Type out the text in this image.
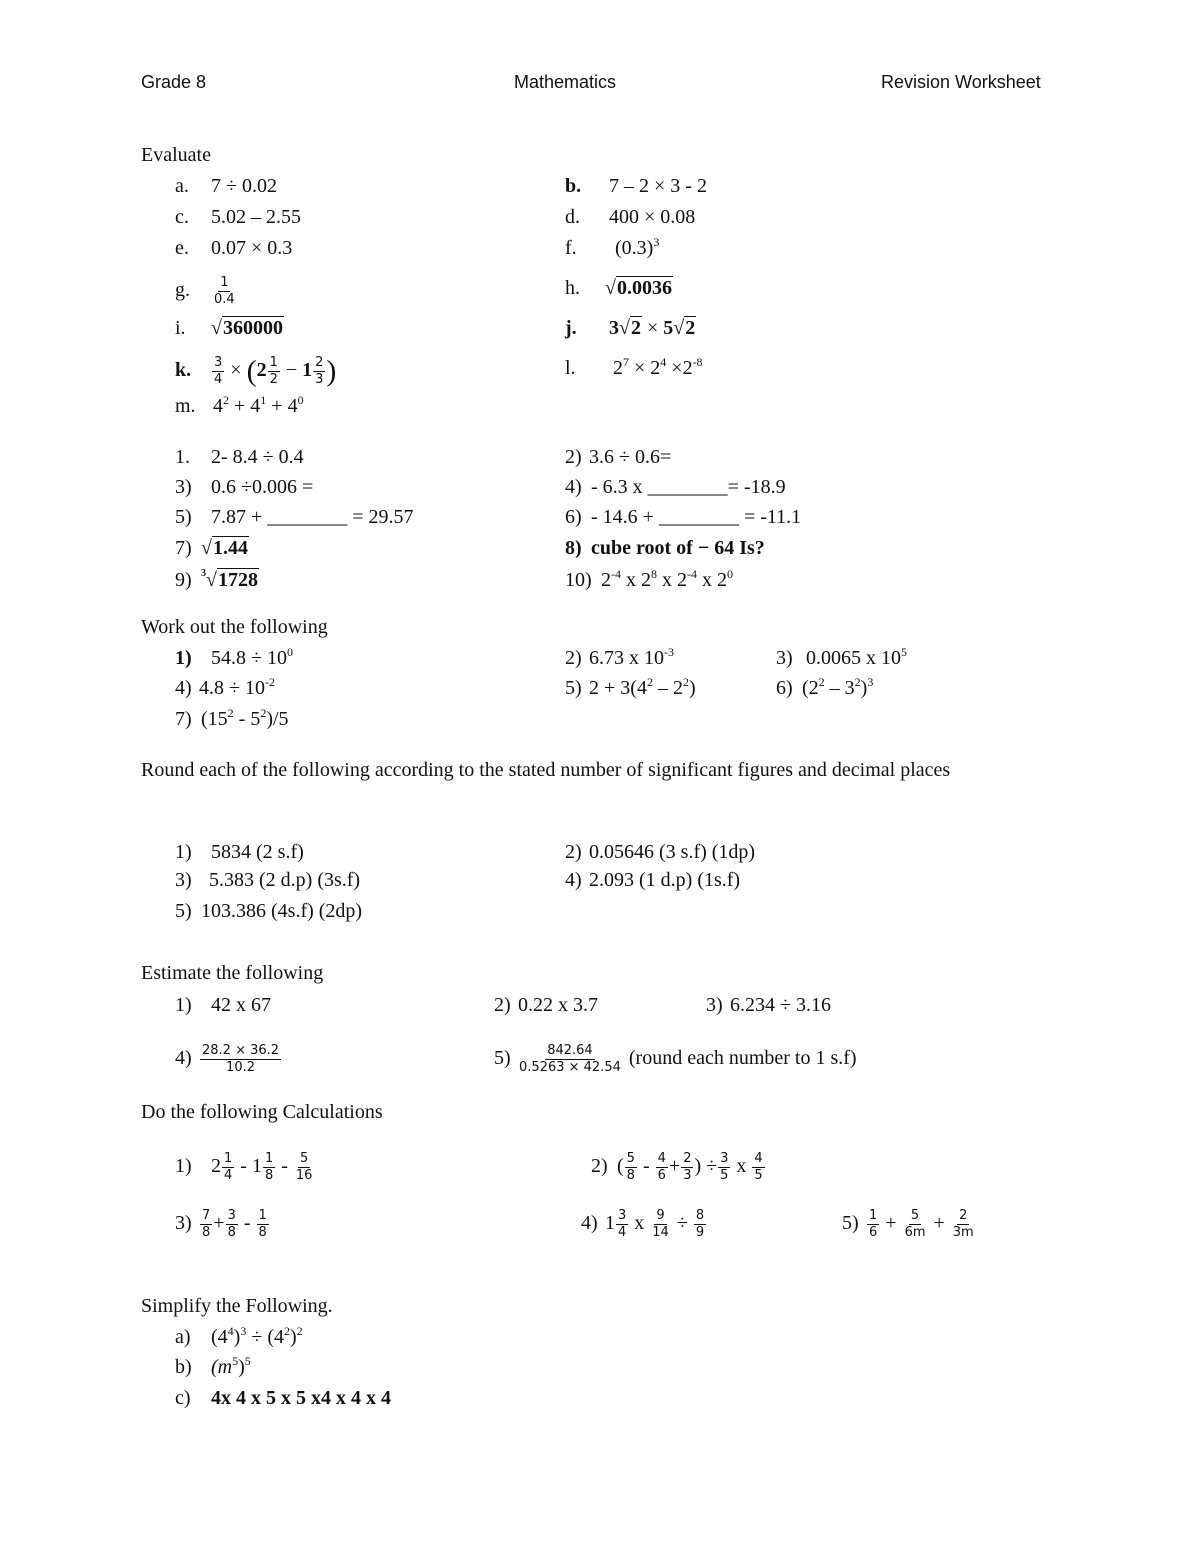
Grade 8	Mathematics	Revision Worksheet
Evaluate
a. 7 ÷ 0.02	b. 7 – 2 × 3 - 2
c. 5.02 – 2.55	d. 400 × 0.08
e. 0.07 × 0.3	f. $(0.3)^3$
g. $\frac{1}{0.4}$	h. √0.0036
i. √360000	j. 3√2 × 5√2
k. $\frac{3}{4} \times (2 \frac{1}{2} - 1 \frac{2}{3}$ )	l. $2^7 \times 2^4 \times 2^{-8}$
m. $4^2 + 4^1 + 4^0$
1. 2- 8.4 ÷ 0.4	2) 3.6 ÷ 0.6=
3) 0.6 ÷0.006 =	4) - 6.3 x ________= -18.9
5) 7.87 + ________ = 29.57	6) - 14.6 + ________ = -11.1
7) √1.44	8) cube root of − 64 Is?
9) $^3$√1728	10) $2^{-4}$ x $2^8$ x $2^{-4}$ x $2^0$
Work out the following
1) $54.8 \div 10^0$	2) 6.73 x $10^{-3}$	3) 0.0065 x $10^5$
4) $4.8 \div 10^{-2}$	5) $2 + 3(4^2 - 2^2)$	6) $(2^2 - 3^2)^3$
7) $(15^2 - 5^2)/5$
Round each of the following according to the stated number of significant figures and decimal places
1) 5834 (2 s.f)	2) 0.05646 (3 s.f) (1dp)
3) 5.383 (2 d.p) (3s.f)	4) 2.093 (1 d.p) (1s.f)
5) 103.386 (4s.f) (2dp)
Estimate the following
1) 42 x 67	2) 0.22 x 3.7	3) 6.234 ÷ 3.16
$4) \frac{28.2 \times 36.2}{10.2}$	$5) \frac{842.64}{0.5263 \times 42.54}$ (round each number to 1 s.f)
Do the following Calculations
1) $2 \frac{1}{4} - 1 \frac{1}{8} - \frac{5}{16}$	2) ( $\frac{5}{8} - \frac{4}{6} + \frac{2}{3}$ ) ÷ $\frac{3}{5}$ x $\frac{4}{5}$
$3) \frac{7}{8} + \frac{3}{8} - \frac{1}{8}$	4) $1 \frac{3}{4}$ x $\frac{9}{14} \div \frac{8}{9}$	$5) \frac{1}{6} + \frac{5}{6m} + \frac{2}{3m}$
Simplify the Following.
a) $(4^4)^3 \div (4^2)^2$
b) $(m^5)^5$
c) 4x 4 x 5 x 5 x4 x 4 x 4
